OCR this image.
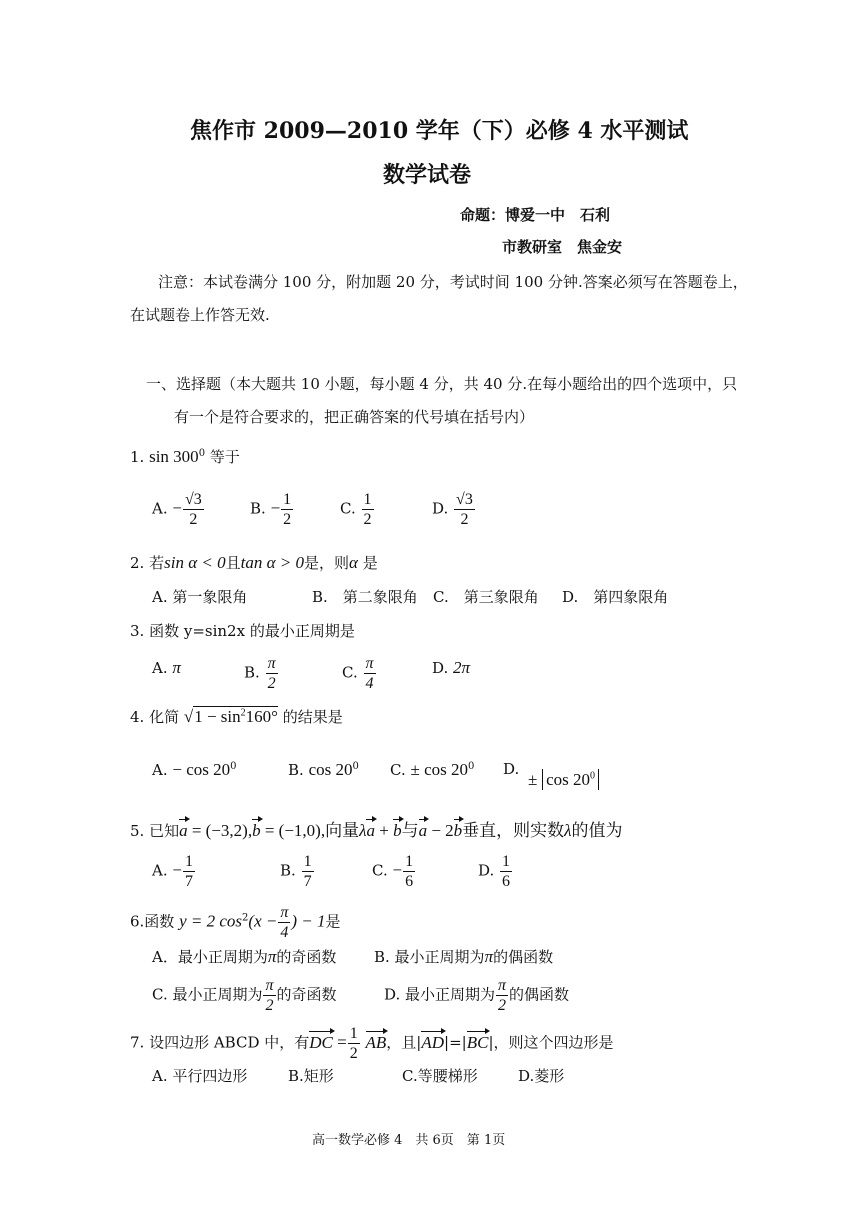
焦作市 2009—2010 学年（下）必修 4 水平测试
数学试卷
命题：博爱一中　石利
市教研室　焦金安
注意：本试卷满分 100 分，附加题 20 分，考试时间 100 分钟.答案必须写在答题卷上，
在试题卷上作答无效.
一、选择题（本大题共 10 小题，每小题 4 分，共 40 分.在每小题给出的四个选项中，只
有一个是符合要求的，把正确答案的代号填在括号内）
1. $\sin 300^0$ 等于
A. − $\frac{√3}{2}$	B. − $\frac{1}{2}$	C. $\frac{1}{2}$	D. $\frac{√3}{2}$
2. 若sin α < 0且tan α > 0是，则α 是
A. 第一象限角	B.　第二象限角 C.　第三象限角 D.　第四象限角
3. 函数 y=sin2x 的最小正周期是
A. π	B. $\frac{\pi}{2}$	C. $\frac{\pi}{4}$	D. 2π
4. 化简 $√1 - \sin^2160^\circ$ 的结果是
A. − $\cos 20^0$	B. $\cos 20^0$ C. ± $\cos 20^0$ D.
± $\cos 20^0$
5. 已知a = (−3,2),b = (−1,0),向量λa + b与a − 2b垂直，则实数λ的值为
A. − $\frac{1}{7}$	B. $\frac{1}{7}$	C. − $\frac{1}{6}$	D. $\frac{1}{6}$
6.函数 y = 2 $\cos^2(x - \frac{\pi}{4}$ ) − 1是
A．最小正周期为π的奇函数	B. 最小正周期为π的偶函数
C. 最小正周期为 $\frac{\pi}{2}$ 的奇函数	D. 最小正周期为 $\frac{\pi}{2}$ 的偶函数
7. 设四边形 ABCD 中，有DC = $\frac{1}{2}$ AB，且|AD|=|BC|，则这个四边形是
A. 平行四边形	B.矩形	C.等腰梯形	D.菱形
高一数学必修 4　共 6页　第 1页
